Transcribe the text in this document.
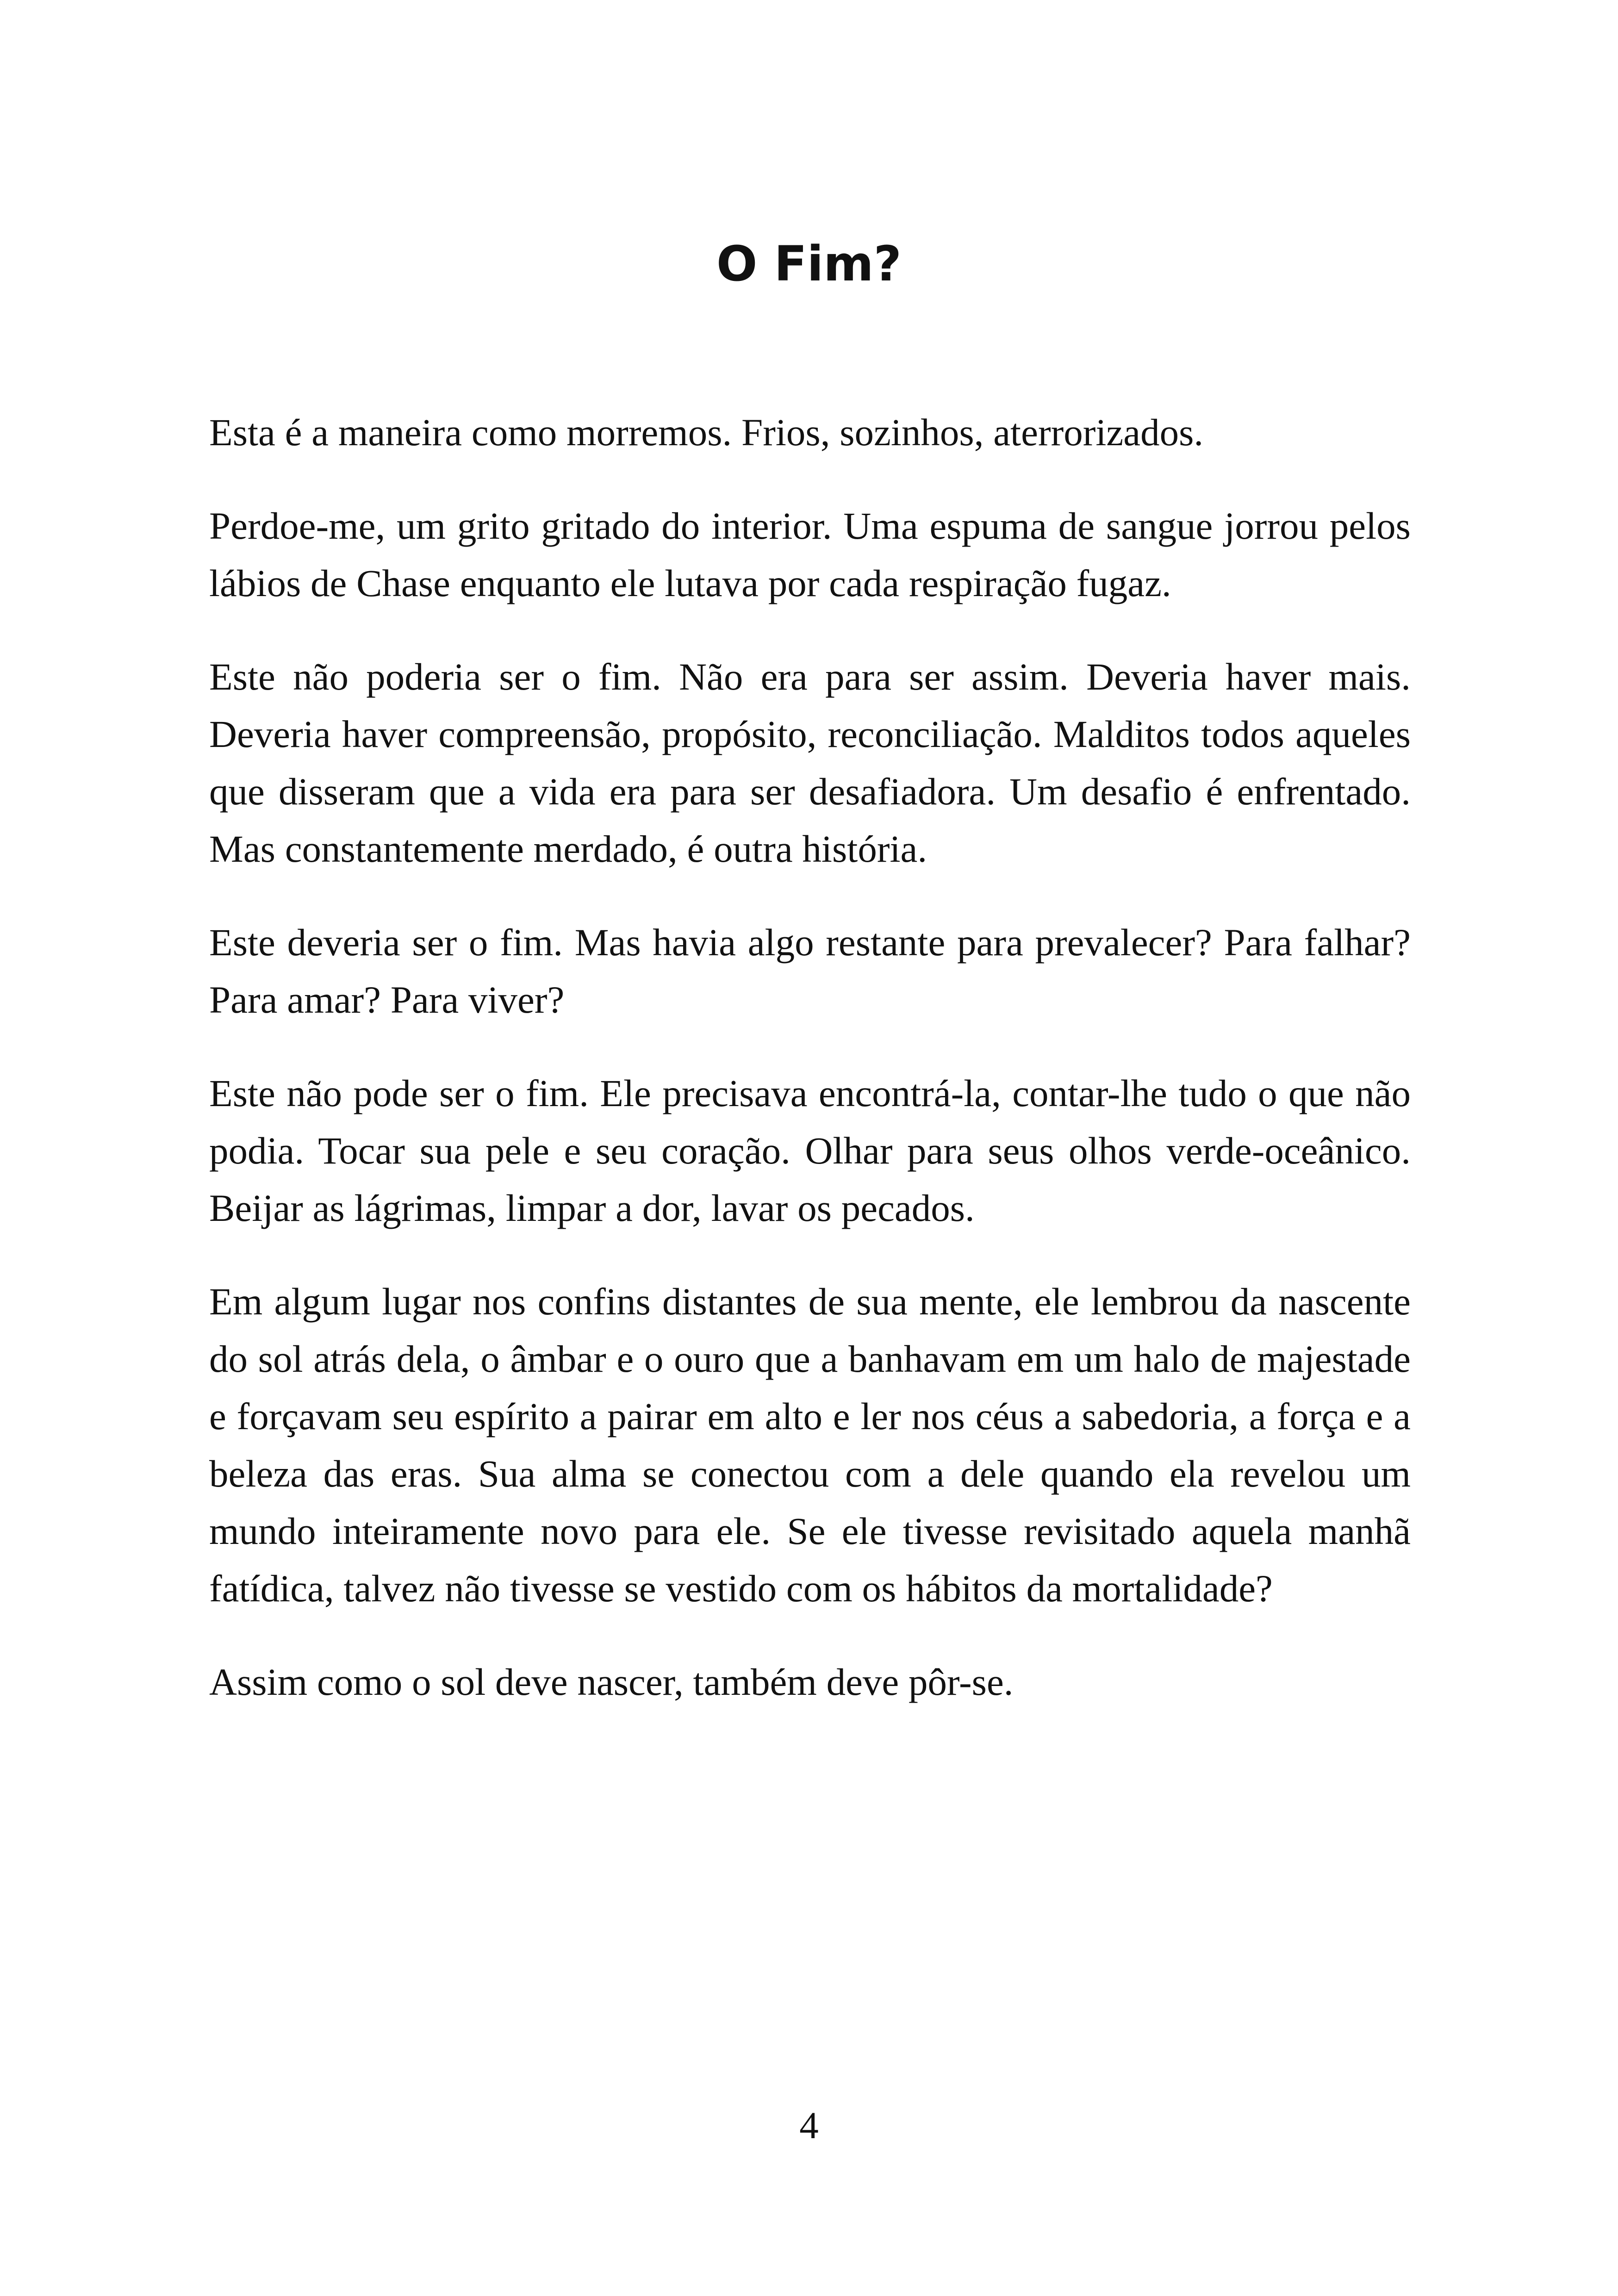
O Fim?

Esta é a maneira como morremos. Frios, sozinhos, aterrorizados.

Perdoe-me, um grito gritado do interior. Uma espuma de sangue jorrou pelos lábios de Chase enquanto ele lutava por cada respiração fugaz.

Este não poderia ser o fim. Não era para ser assim. Deveria haver mais. Deveria haver compreensão, propósito, reconciliação. Malditos todos aqueles que disseram que a vida era para ser desafiadora. Um desafio é enfrentado. Mas constantemente merdado, é outra história.

Este deveria ser o fim. Mas havia algo restante para prevalecer? Para falhar? Para amar? Para viver?

Este não pode ser o fim. Ele precisava encontrá-la, contar-lhe tudo o que não podia. Tocar sua pele e seu coração. Olhar para seus olhos verde-oceânico. Beijar as lágrimas, limpar a dor, lavar os pecados.

Em algum lugar nos confins distantes de sua mente, ele lembrou da nascente do sol atrás dela, o âmbar e o ouro que a banhavam em um halo de majestade e forçavam seu espírito a pairar em alto e ler nos céus a sabedoria, a força e a beleza das eras. Sua alma se conectou com a dele quando ela revelou um mundo inteiramente novo para ele. Se ele tivesse revisitado aquela manhã fatídica, talvez não tivesse se vestido com os hábitos da mortalidade?

Assim como o sol deve nascer, também deve pôr-se.

4
